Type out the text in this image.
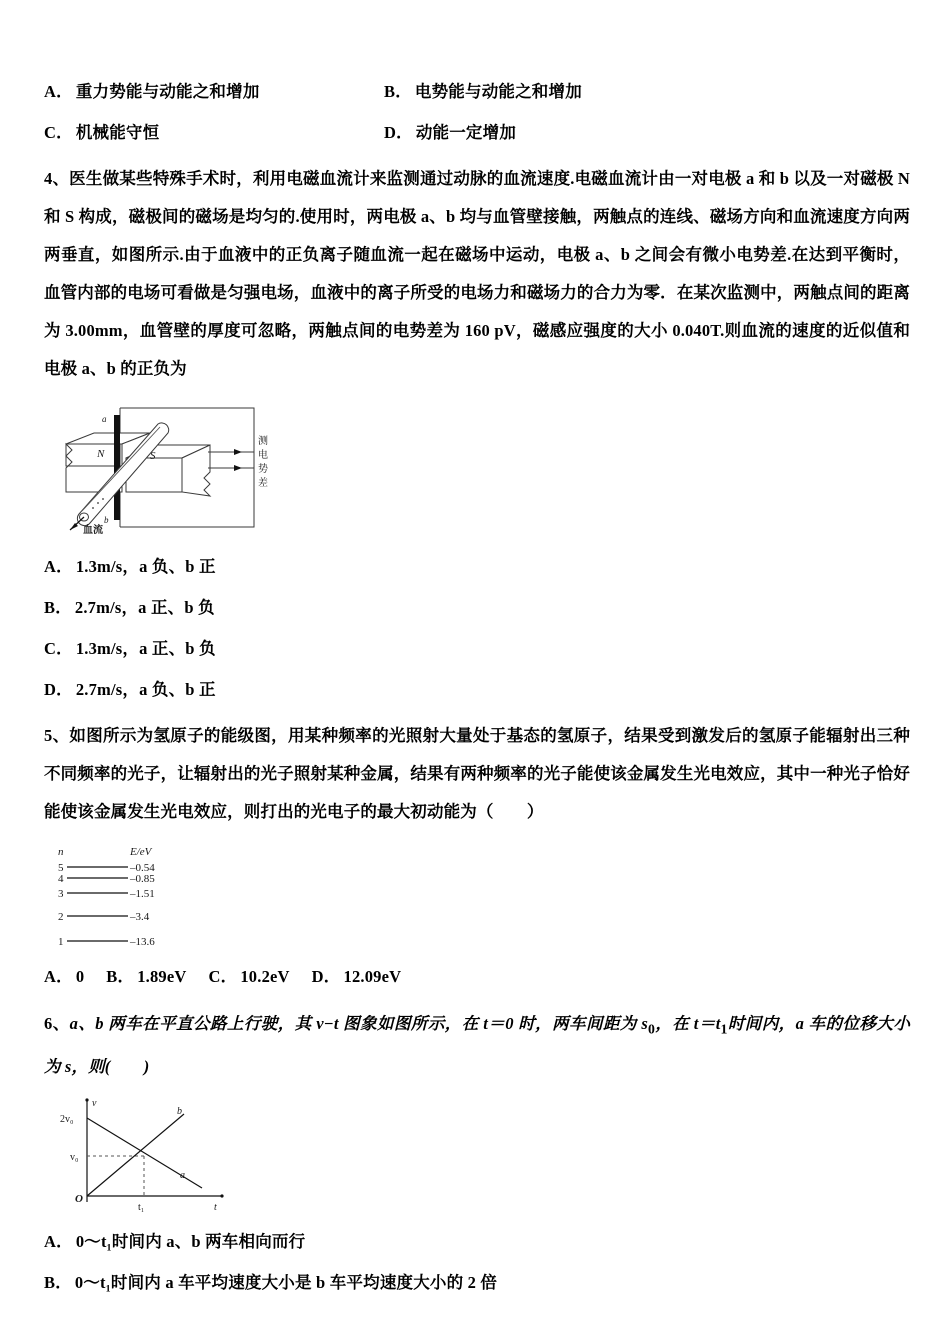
A． 重力势能与动能之和增加	B． 电势能与动能之和增加
C． 机械能守恒	D． 动能一定增加

4、医生做某些特殊手术时，利用电磁血流计来监测通过动脉的血流速度.电磁血流计由一对电极 a 和 b 以及一对磁极 N 和 S 构成，磁极间的磁场是均匀的.使用时，两电极 a、b 均与血管壁接触，两触点的连线、磁场方向和血流速度方向两两垂直，如图所示.由于血液中的正负离子随血流一起在磁场中运动，电极 a、b 之间会有微小电势差.在达到平衡时，血管内部的电场可看做是匀强电场，血液中的离子所受的电场力和磁场力的合力为零．在某次监测中，两触点间的距离为 3.00mm，血管壁的厚度可忽略，两触点间的电势差为 160 pV，磁感应强度的大小 0.040T.则血流的速度的近似值和电极 a、b 的正负为

N	S
a
b
血流
测
电
势
差
A． 1.3m/s，a 负、b 正
B． 2.7m/s，a 正、b 负
C． 1.3m/s，a 正、b 负
D． 2.7m/s，a 负、b 正

5、如图所示为氢原子的能级图，用某种频率的光照射大量处于基态的氢原子，结果受到激发后的氢原子能辐射出三种不同频率的光子，让辐射出的光子照射某种金属，结果有两种频率的光子能使该金属发生光电效应，其中一种光子恰好能使该金属发生光电效应，则打出的光电子的最大初动能为（　　）

n	E/eV
5	–0.54
4	–0.85
3	–1.51
2	–3.4
1	–13.6
A． 0 B． 1.89eV C． 10.2eV D． 12.09eV

6、a、b 两车在平直公路上行驶，其 v−t 图象如图所示，在 t＝0 时，两车间距为 $s_0$，在 $t=t_1$时间内，a 车的位移大小为 s，则(　　)

v
t
O
2v₀
v₀
t₁
a
b
A． 0～t₁时间内 a、b 两车相向而行
B． 0～t₁时间内 a 车平均速度大小是 b 车平均速度大小的 2 倍
